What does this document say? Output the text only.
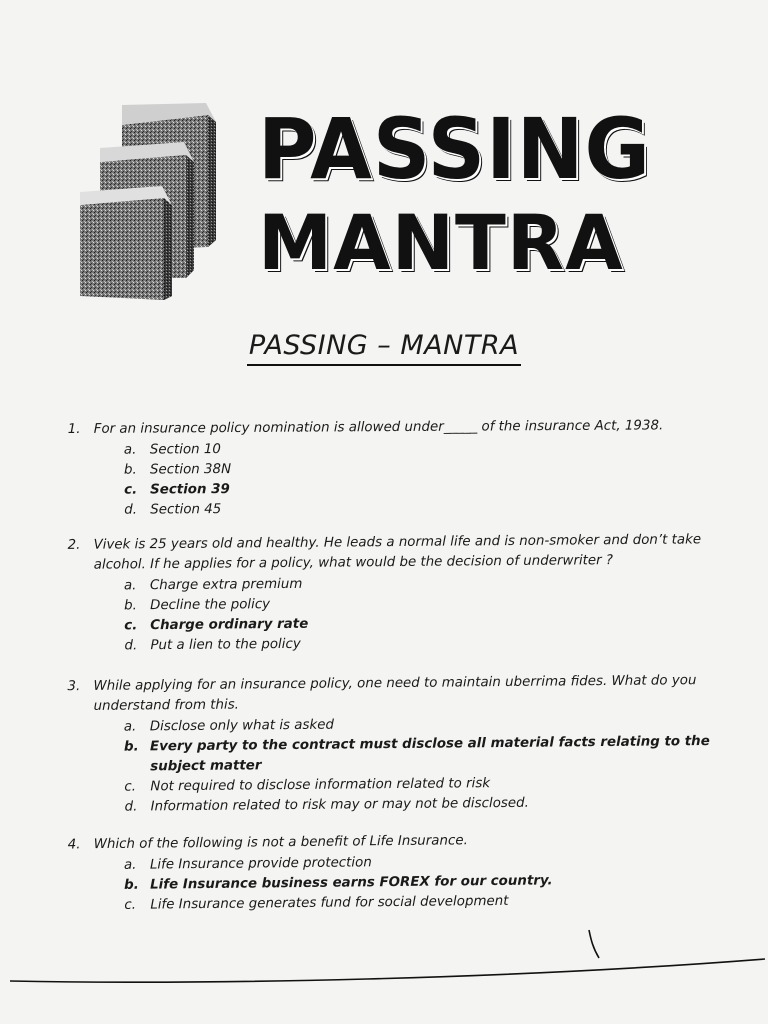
PASSING
MANTRA
PASSING – MANTRA
1. For an insurance policy nomination is allowed under_____ of the insurance Act, 1938.
a.	Section 10
b. Section 38N
c. Section 39
d. Section 45
2. Vivek is 25 years old and healthy. He leads a normal life and is non-smoker and don’t take alcohol. If he applies for a policy, what would be the decision of underwriter ?
a. Charge extra premium
b. Decline the policy
c. Charge ordinary rate
d. Put a lien to the policy
3. While applying for an insurance policy, one need to maintain uberrima fides. What do you understand from this.
a. Disclose only what is asked
b. Every party to the contract must disclose all material facts relating to the subject matter
c.	Not required to disclose information related to risk
d. Information related to risk may or may not be disclosed.
4. Which of the following is not a benefit of Life Insurance.
a. Life Insurance provide protection
b. Life Insurance business earns FOREX for our country.
c.	Life Insurance generates fund for social development
